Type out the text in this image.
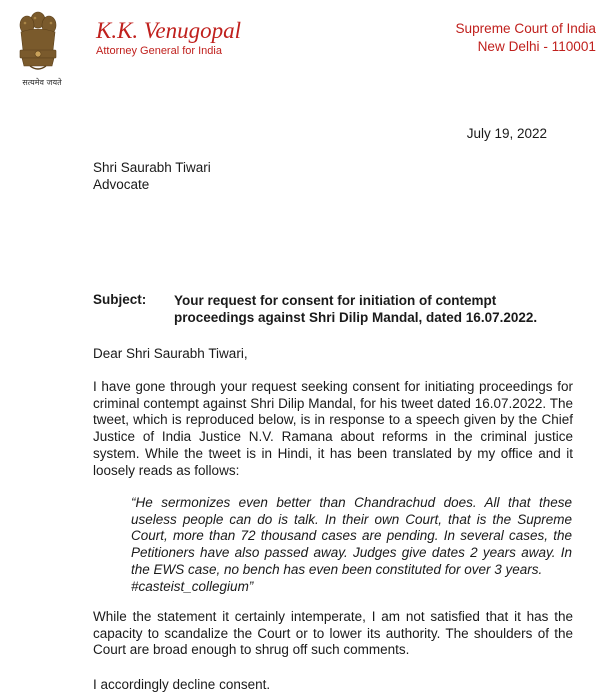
सत्यमेव जयते
K.K. Venugopal
Attorney General for India
Supreme Court of India
New Delhi - 110001
July 19, 2022
Shri Saurabh Tiwari
Advocate
Subject: Your request for consent for initiation of contempt proceedings against Shri Dilip Mandal, dated 16.07.2022.
Dear Shri Saurabh Tiwari,
I have gone through your request seeking consent for initiating proceedings for criminal contempt against Shri Dilip Mandal, for his tweet dated 16.07.2022. The tweet, which is reproduced below, is in response to a speech given by the Chief Justice of India Justice N.V. Ramana about reforms in the criminal justice system. While the tweet is in Hindi, it has been translated by my office and it loosely reads as follows:
“He sermonizes even better than Chandrachud does. All that these useless people can do is talk. In their own Court, that is the Supreme Court, more than 72 thousand cases are pending. In several cases, the Petitioners have also passed away. Judges give dates 2 years away. In the EWS case, no bench has even been constituted for over 3 years.
#casteist_collegium”
While the statement it certainly intemperate, I am not satisfied that it has the capacity to scandalize the Court or to lower its authority. The shoulders of the Court are broad enough to shrug off such comments.
I accordingly decline consent.
